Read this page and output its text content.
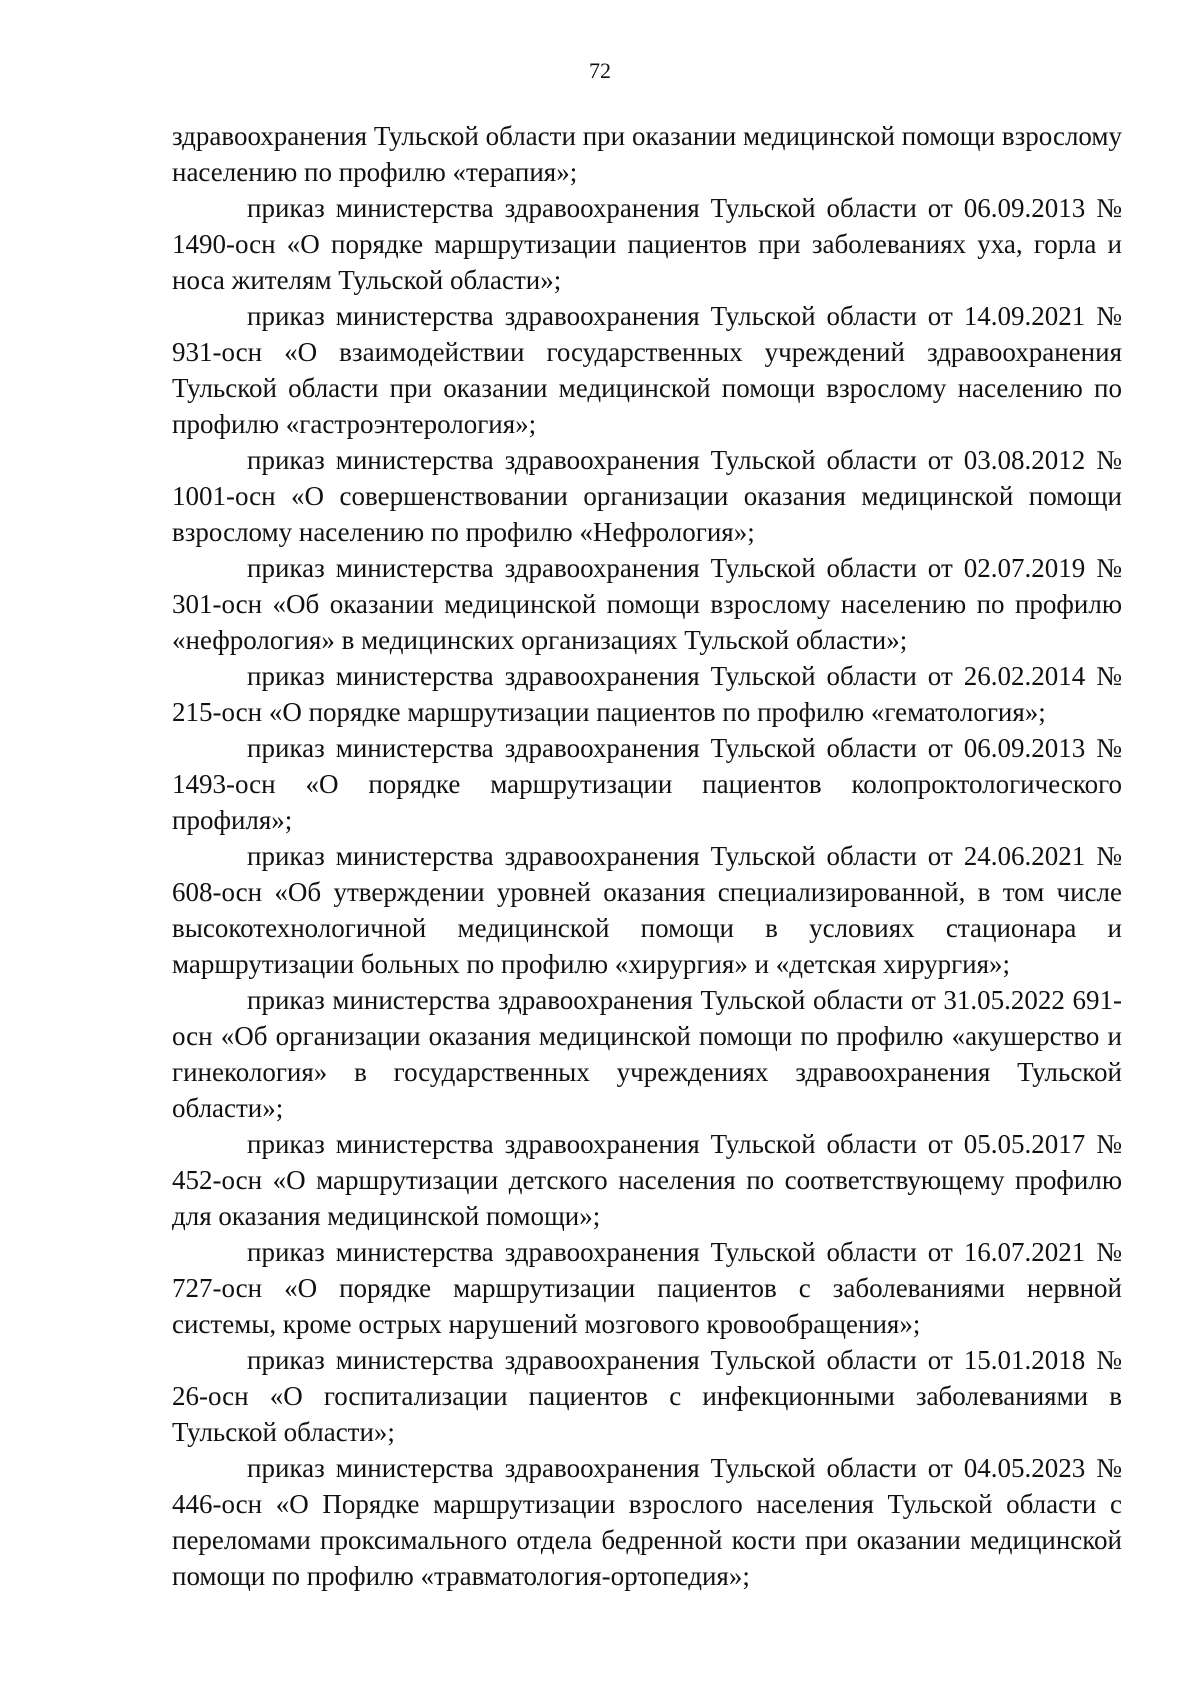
72

здравоохранения Тульской области при оказании медицинской помощи взрослому населению по профилю «терапия»;

приказ министерства здравоохранения Тульской области от 06.09.2013 № 1490-осн «О порядке маршрутизации пациентов при заболеваниях уха, горла и носа жителям Тульской области»;

приказ министерства здравоохранения Тульской области от 14.09.2021 № 931-осн «О взаимодействии государственных учреждений здравоохранения Тульской области при оказании медицинской помощи взрослому населению по профилю «гастроэнтерология»;

приказ министерства здравоохранения Тульской области от 03.08.2012 № 1001-осн «О совершенствовании организации оказания медицинской помощи взрослому населению по профилю «Нефрология»;

приказ министерства здравоохранения Тульской области от 02.07.2019 № 301-осн «Об оказании медицинской помощи взрослому населению по профилю «нефрология» в медицинских организациях Тульской области»;

приказ министерства здравоохранения Тульской области от 26.02.2014 № 215-осн «О порядке маршрутизации пациентов по профилю «гематология»;

приказ министерства здравоохранения Тульской области от 06.09.2013 № 1493-осн «О порядке маршрутизации пациентов колопроктологического профиля»;

приказ министерства здравоохранения Тульской области от 24.06.2021 № 608-осн «Об утверждении уровней оказания специализированной, в том числе высокотехнологичной медицинской помощи в условиях стационара и маршрутизации больных по профилю «хирургия» и «детская хирургия»;

приказ министерства здравоохранения Тульской области от 31.05.2022 691-осн «Об организации оказания медицинской помощи по профилю «акушерство и гинекология» в государственных учреждениях здравоохранения Тульской области»;

приказ министерства здравоохранения Тульской области от 05.05.2017 № 452-осн «О маршрутизации детского населения по соответствующему профилю для оказания медицинской помощи»;

приказ министерства здравоохранения Тульской области от 16.07.2021 № 727-осн «О порядке маршрутизации пациентов с заболеваниями нервной системы, кроме острых нарушений мозгового кровообращения»;

приказ министерства здравоохранения Тульской области от 15.01.2018 № 26-осн «О госпитализации пациентов с инфекционными заболеваниями в Тульской области»;

приказ министерства здравоохранения Тульской области от 04.05.2023 № 446-осн «О Порядке маршрутизации взрослого населения Тульской области с переломами проксимального отдела бедренной кости при оказании медицинской помощи по профилю «травматология-ортопедия»;
